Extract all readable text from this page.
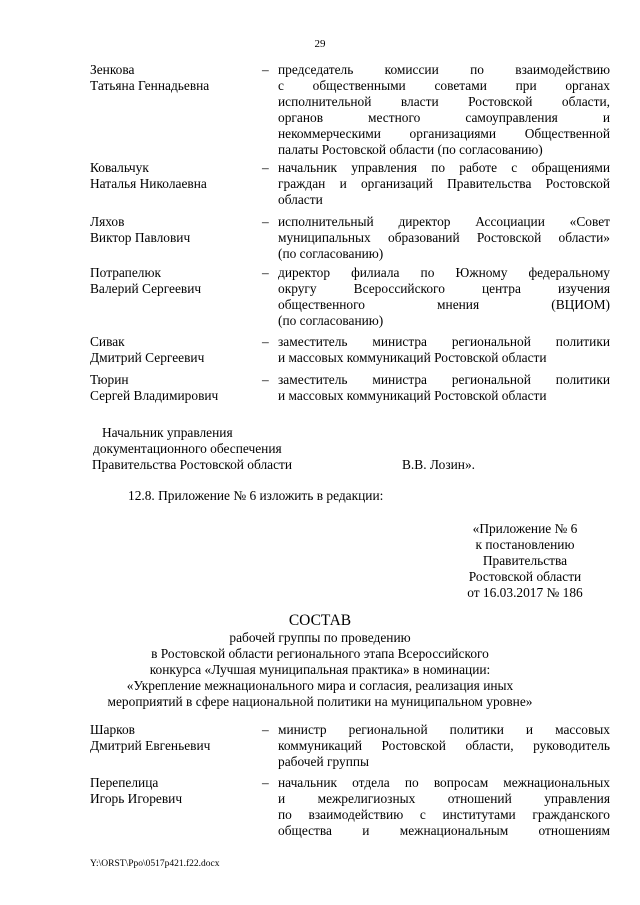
29
Зенкова
Татьяна Геннадьевна
– председатель комиссии по взаимодействию
с общественными советами при органах
исполнительной власти Ростовской области,
органов местного самоуправления и
некоммерческими организациями Общественной
палаты Ростовской области (по согласованию)
Ковальчук
Наталья Николаевна
– начальник управления по работе с обращениями
граждан и организаций Правительства Ростовской
области
Ляхов
Виктор Павлович
– исполнительный директор Ассоциации «Совет
муниципальных образований Ростовской области»
(по согласованию)
Потрапелюк
Валерий Сергеевич
– директор филиала по Южному федеральному
округу Всероссийского центра изучения
общественного мнения (ВЦИОМ)
(по согласованию)
Сивак
Дмитрий Сергеевич
– заместитель министра региональной политики
и массовых коммуникаций Ростовской области
Тюрин
Сергей Владимирович
– заместитель министра региональной политики
и массовых коммуникаций Ростовской области
Начальник управления
документационного обеспечения
Правительства Ростовской области	В.В. Лозин».
12.8. Приложение № 6 изложить в редакции:
«Приложение № 6
к постановлению
Правительства
Ростовской области
от 16.03.2017 № 186
СОСТАВ
рабочей группы по проведению
в Ростовской области регионального этапа Всероссийского
конкурса «Лучшая муниципальная практика» в номинации:
«Укрепление межнационального мира и согласия, реализация иных
мероприятий в сфере национальной политики на муниципальном уровне»
Шарков
Дмитрий Евгеньевич
– министр региональной политики и массовых
коммуникаций Ростовской области, руководитель
рабочей группы
Перепелица
Игорь Игоревич
– начальник отдела по вопросам межнациональных
и межрелигиозных отношений управления
по взаимодействию с институтами гражданского
общества и межнациональным отношениям
Y:\ORST\Ppo\0517p421.f22.docx
